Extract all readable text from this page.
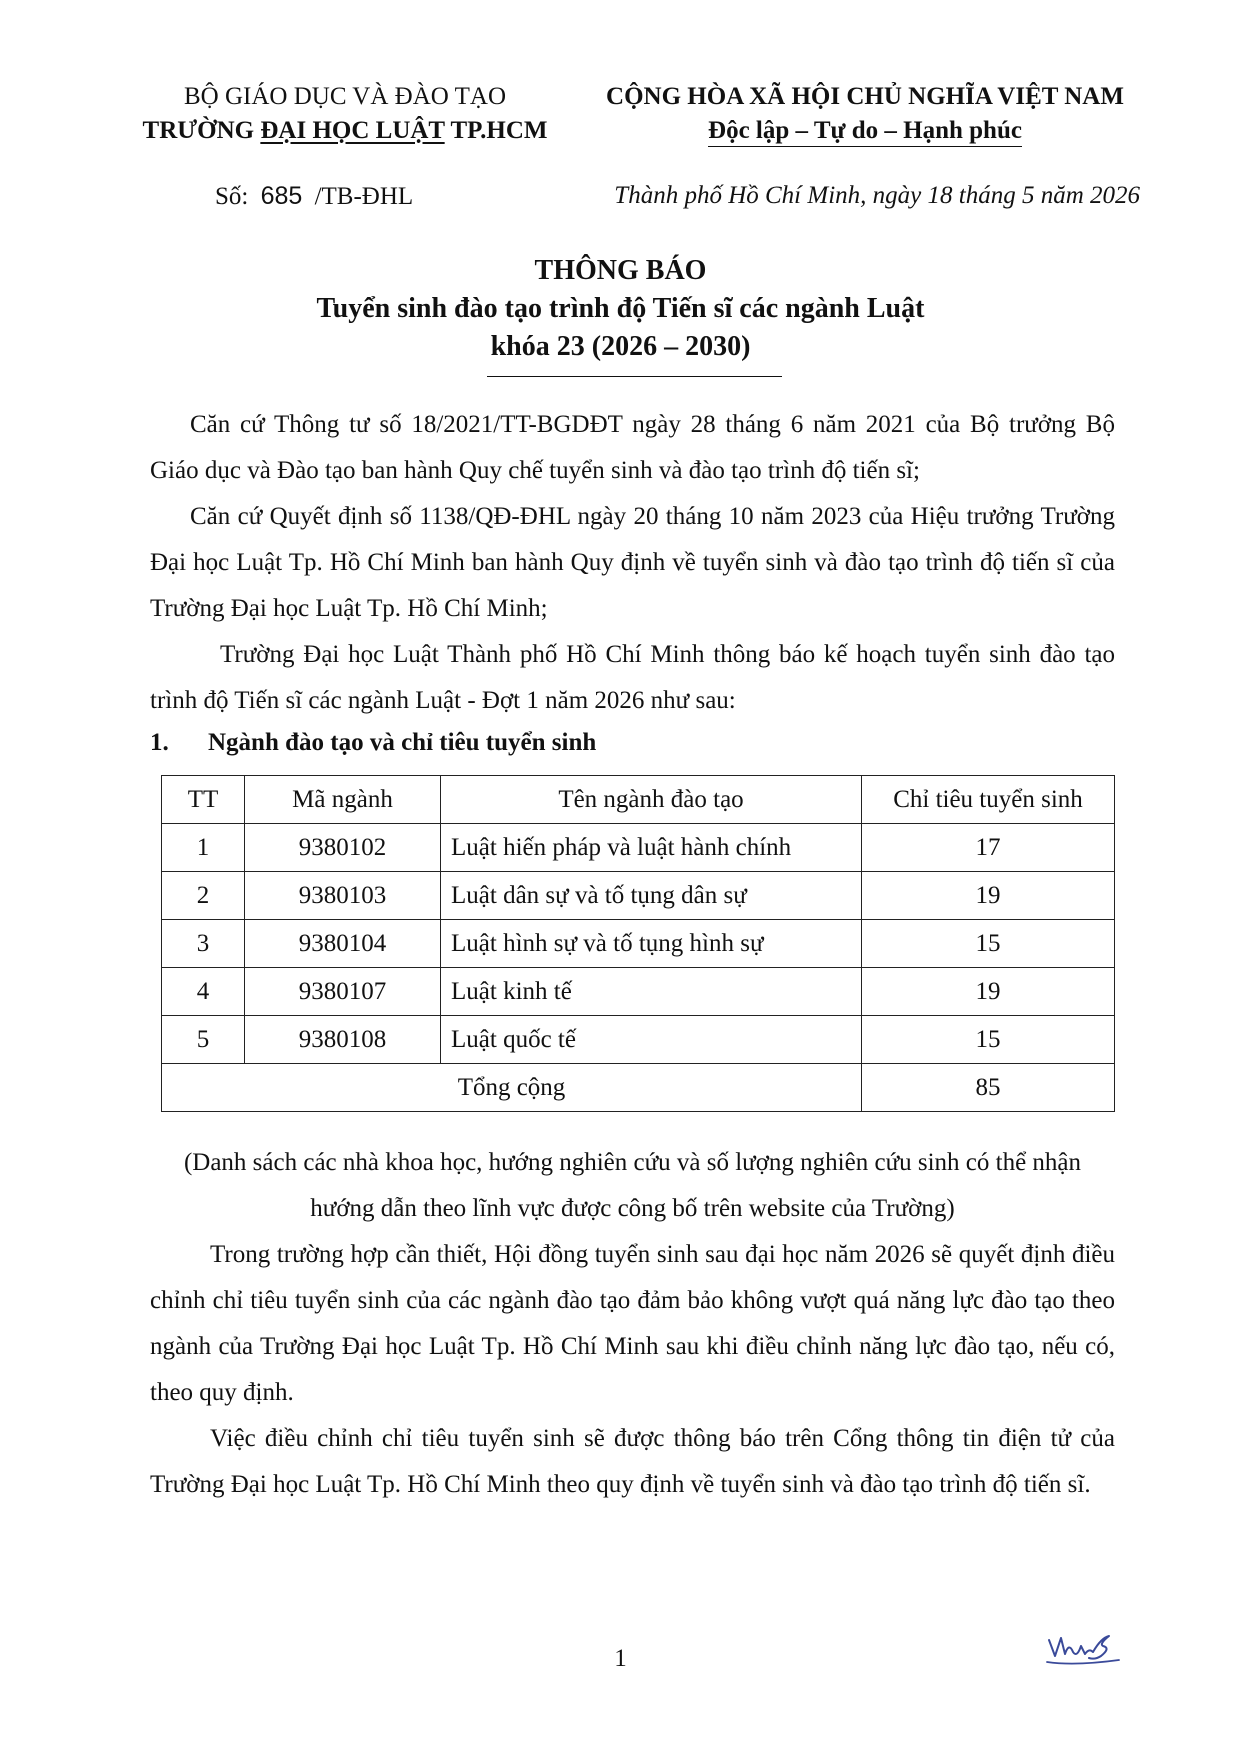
BỘ GIÁO DỤC VÀ ĐÀO TẠO
TRƯỜNG ĐẠI HỌC LUẬT TP.HCM
CỘNG HÒA XÃ HỘI CHỦ NGHĨA VIỆT NAM
Độc lập – Tự do – Hạnh phúc
Số: 685 /TB-ĐHL	Thành phố Hồ Chí Minh, ngày 18 tháng 5 năm 2026
THÔNG BÁO
Tuyển sinh đào tạo trình độ Tiến sĩ các ngành Luật
khóa 23 (2026 – 2030)

Căn cứ Thông tư số 18/2021/TT-BGDĐT ngày 28 tháng 6 năm 2021 của Bộ trưởng Bộ Giáo dục và Đào tạo ban hành Quy chế tuyển sinh và đào tạo trình độ tiến sĩ;

Căn cứ Quyết định số 1138/QĐ-ĐHL ngày 20 tháng 10 năm 2023 của Hiệu trưởng Trường Đại học Luật Tp. Hồ Chí Minh ban hành Quy định về tuyển sinh và đào tạo trình độ tiến sĩ của Trường Đại học Luật Tp. Hồ Chí Minh;

Trường Đại học Luật Thành phố Hồ Chí Minh thông báo kế hoạch tuyển sinh đào tạo trình độ Tiến sĩ các ngành Luật - Đợt 1 năm 2026 như sau:

1. Ngành đào tạo và chỉ tiêu tuyển sinh
TT	Mã ngành	Tên ngành đào tạo	Chỉ tiêu tuyển sinh
1	9380102	Luật hiến pháp và luật hành chính	17
2	9380103	Luật dân sự và tố tụng dân sự	19
3	9380104	Luật hình sự và tố tụng hình sự	15
4	9380107	Luật kinh tế	19
5	9380108	Luật quốc tế	15
Tổng cộng			85
(Danh sách các nhà khoa học, hướng nghiên cứu và số lượng nghiên cứu sinh có thể nhận
hướng dẫn theo lĩnh vực được công bố trên website của Trường)

Trong trường hợp cần thiết, Hội đồng tuyển sinh sau đại học năm 2026 sẽ quyết định điều chỉnh chỉ tiêu tuyển sinh của các ngành đào tạo đảm bảo không vượt quá năng lực đào tạo theo ngành của Trường Đại học Luật Tp. Hồ Chí Minh sau khi điều chỉnh năng lực đào tạo, nếu có, theo quy định.

Việc điều chỉnh chỉ tiêu tuyển sinh sẽ được thông báo trên Cổng thông tin điện tử của Trường Đại học Luật Tp. Hồ Chí Minh theo quy định về tuyển sinh và đào tạo trình độ tiến sĩ.

1
